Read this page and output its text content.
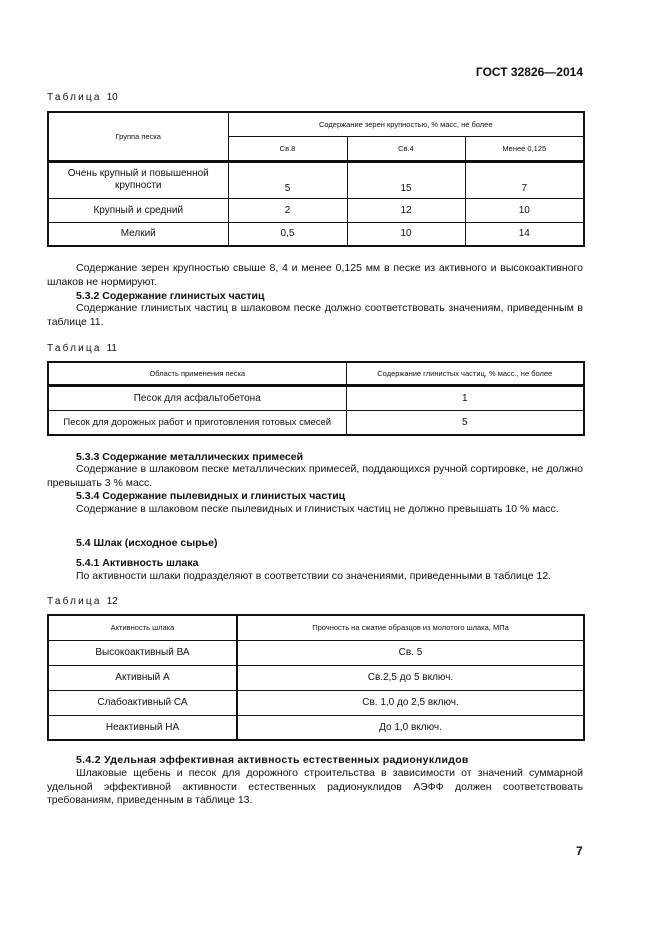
ГОСТ 32826—2014
Таблица 10
Группа песка	Содержание зерен крупностью, % масс, не более		
	Св.8	Св.4	Менее 0,125
Очень крупный и повышенной крупности	5	15	7
Крупный и средний	2	12	10
Мелкий	0,5	10	14
Содержание зерен крупностью свыше 8, 4 и менее 0,125 мм в песке из активного и высокоактивного шлаков не нормируют.
5.3.2 Содержание глинистых частиц
Содержание глинистых частиц в шлаковом песке должно соответствовать значениям, приведенным в таблице 11.
Таблица 11
Область применения песка	Содержание глинистых частиц, % масс., не более
Песок для асфальтобетона	1
Песок для дорожных работ и приготовления готовых смесей	5
5.3.3 Содержание металлических примесей
Содержание в шлаковом песке металлических примесей, поддающихся ручной сортировке, не должно превышать 3 % масс.
5.3.4 Содержание пылевидных и глинистых частиц
Содержание в шлаковом песке пылевидных и глинистых частиц не должно превышать 10 % масс.
5.4 Шлак (исходное сырье)
5.4.1 Активность шлака
По активности шлаки подразделяют в соответствии со значениями, приведенными в таблице 12.
Таблица 12
Активность шлака	Прочность на сжатие образцов из молотого шлака, МПа
Высокоактивный ВА	Св. 5
Активный А	Св.2,5 до 5 включ.
Слабоактивный СА	Св. 1,0 до 2,5 включ.
Неактивный НА	До 1,0 включ.
5.4.2 Удельная эффективная активность естественных радионуклидов
Шлаковые щебень и песок для дорожного строительства в зависимости от значений суммарной удельной эффективной активности естественных радионуклидов АЭФФ должен соответствовать требованиям, приведенным в таблице 13.
7
